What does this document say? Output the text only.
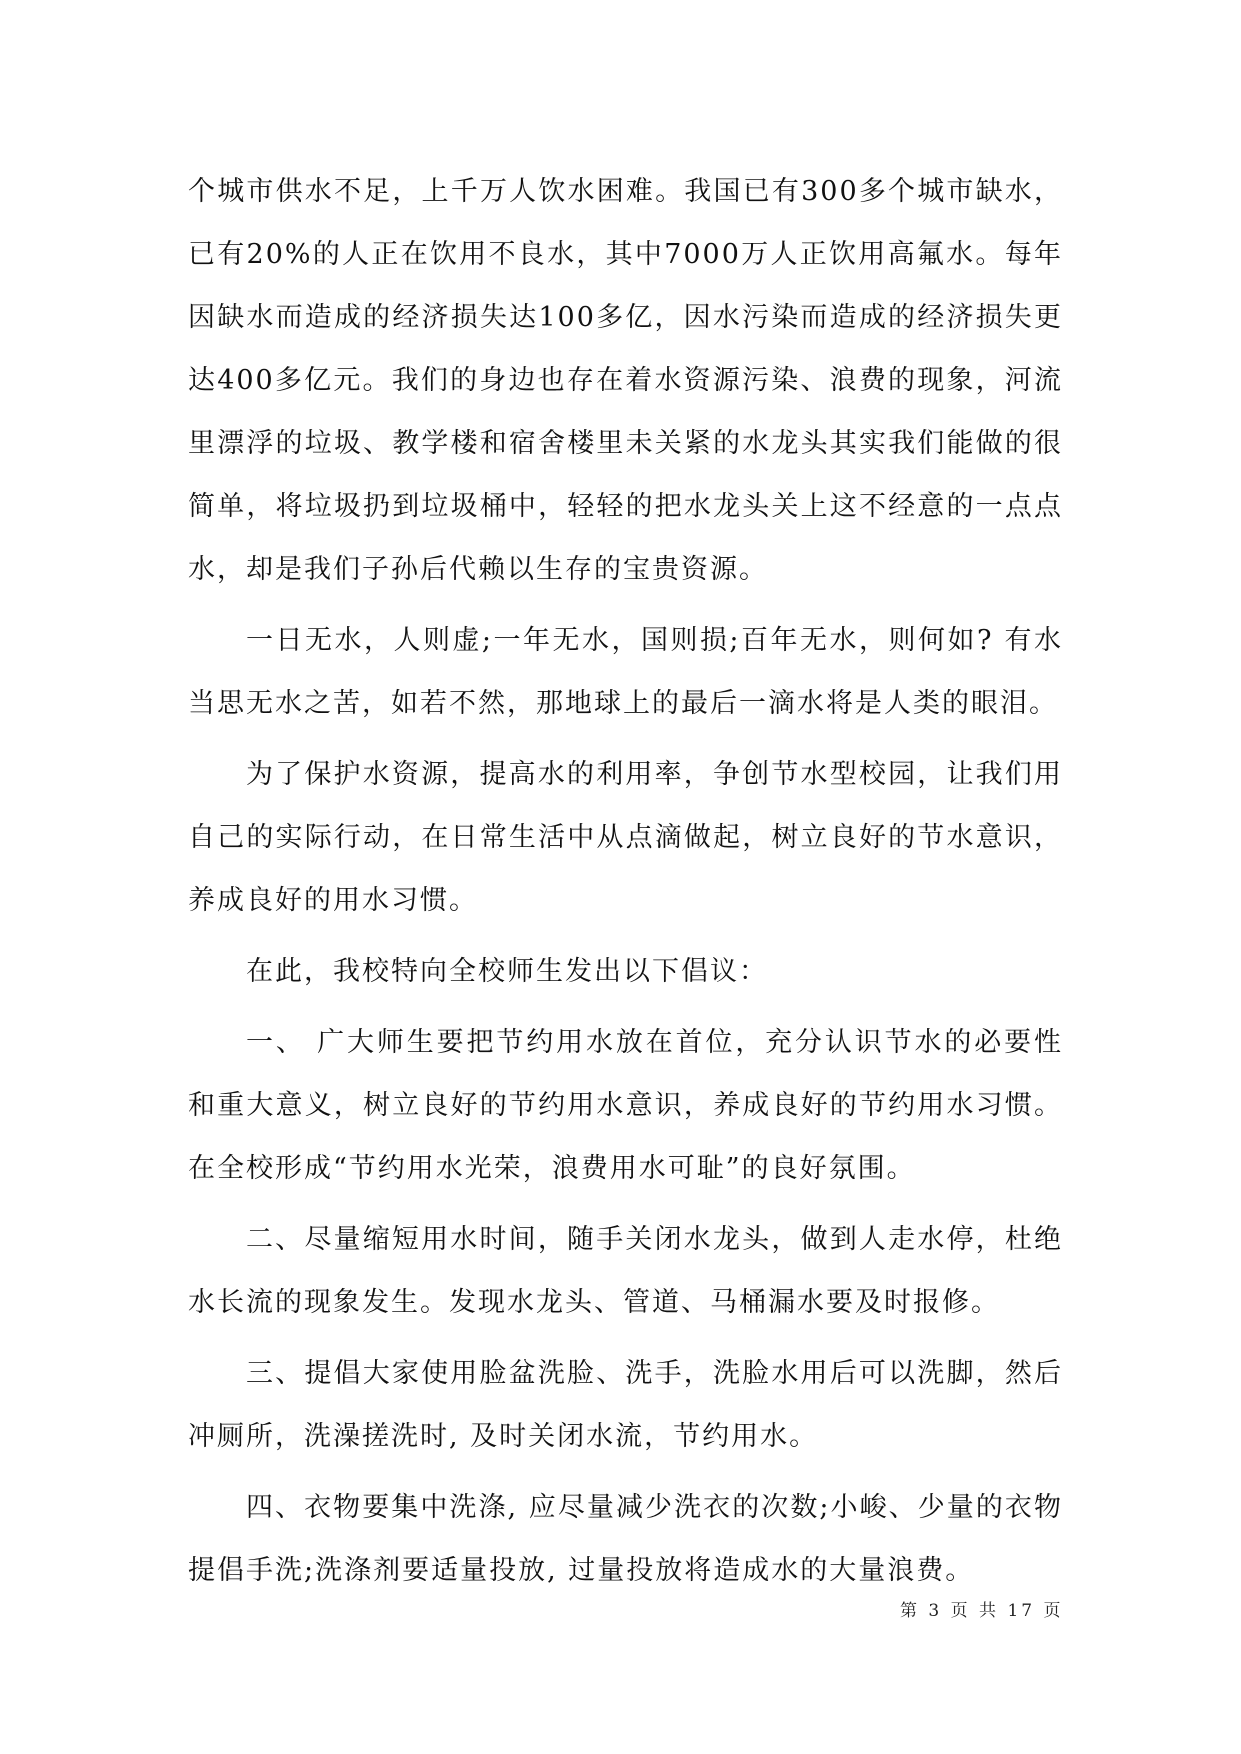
个城市供水不足，上千万人饮水困难。我国已有300多个城市缺水，已有20%的人正在饮用不良水，其中7000万人正饮用高氟水。每年因缺水而造成的经济损失达100多亿，因水污染而造成的经济损失更达400多亿元。我们的身边也存在着水资源污染、浪费的现象，河流里漂浮的垃圾、教学楼和宿舍楼里未关紧的水龙头其实我们能做的很简单，将垃圾扔到垃圾桶中，轻轻的把水龙头关上这不经意的一点点水，却是我们子孙后代赖以生存的宝贵资源。

一日无水，人则虚;一年无水，国则损;百年无水，则何如? 有水当思无水之苦，如若不然，那地球上的最后一滴水将是人类的眼泪。

为了保护水资源，提高水的利用率，争创节水型校园，让我们用自己的实际行动，在日常生活中从点滴做起，树立良好的节水意识，养成良好的用水习惯。

在此，我校特向全校师生发出以下倡议：

一、 广大师生要把节约用水放在首位，充分认识节水的必要性和重大意义，树立良好的节约用水意识，养成良好的节约用水习惯。在全校形成“节约用水光荣，浪费用水可耻”的良好氛围。

二、尽量缩短用水时间，随手关闭水龙头，做到人走水停，杜绝水长流的现象发生。发现水龙头、管道、马桶漏水要及时报修。

三、提倡大家使用脸盆洗脸、洗手，洗脸水用后可以洗脚，然后冲厕所，洗澡搓洗时, 及时关闭水流，节约用水。

四、衣物要集中洗涤, 应尽量减少洗衣的次数;小峻、少量的衣物提倡手洗;洗涤剂要适量投放, 过量投放将造成水的大量浪费。

第 3 页 共 17 页
